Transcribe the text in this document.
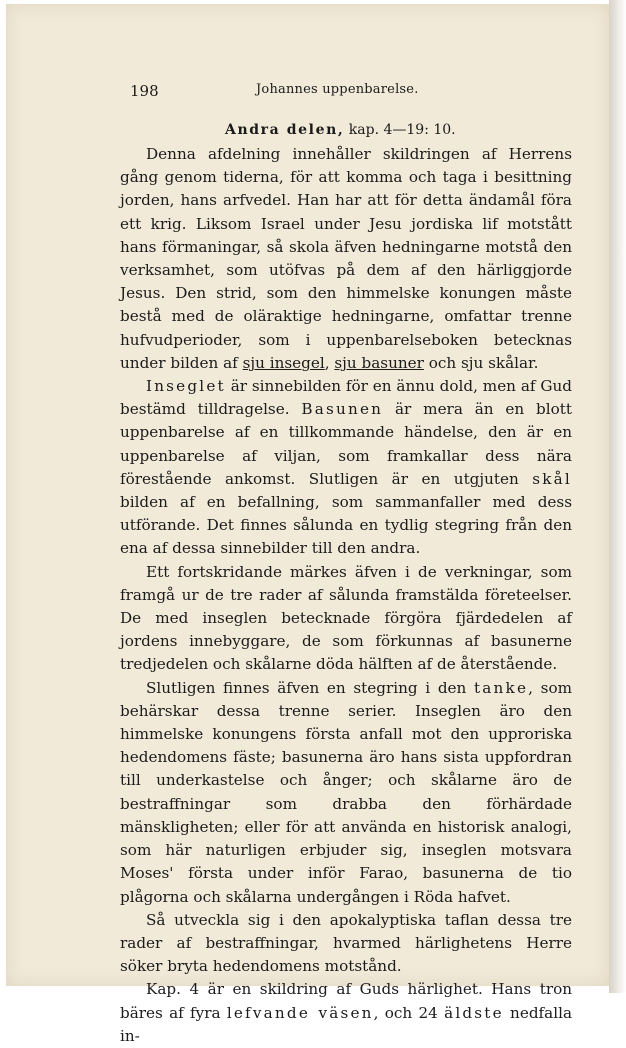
198	Johannes uppenbarelse.
Andra delen, kap. 4—19: 10.

Denna afdelning innehåller skildringen af Herrens gång genom tiderna, för att komma och taga i besittning jorden, hans arfvedel. Han har att för detta ändamål föra ett krig. Liksom Israel under Jesu jordiska lif motstått hans förmaningar, så skola äfven hedningarne motstå den verksamhet, som utöfvas på dem af den härliggjorde Jesus. Den strid, som den himmelske konungen måste bestå med de oläraktige hedningarne, omfattar trenne hufvudperioder, som i uppenbarelseboken betecknas under bilden af sju insegel, sju basuner och sju skålar.

Inseglet är sinnebilden för en ännu dold, men af Gud bestämd tilldragelse. Basunen är mera än en blott uppenbarelse af en tillkommande händelse, den är en uppenbarelse af viljan, som framkallar dess nära förestående ankomst. Slutligen är en utgjuten skål bilden af en befallning, som sammanfaller med dess utförande. Det finnes sålunda en tydlig stegring från den ena af dessa sinnebilder till den andra.

Ett fortskridande märkes äfven i de verkningar, som framgå ur de tre rader af sålunda framstälda företeelser. De med inseglen betecknade förgöra fjärdedelen af jordens innebyggare, de som förkunnas af basunerne tredjedelen och skålarne döda hälften af de återstående.

Slutligen finnes äfven en stegring i den tanke, som behärskar dessa trenne serier. Inseglen äro den himmelske konungens första anfall mot den upproriska hedendomens fäste; basunerna äro hans sista uppfordran till underkastelse och ånger; och skålarne äro de bestraffningar som drabba den förhärdade mänskligheten; eller för att använda en historisk analogi, som här naturligen erbjuder sig, inseglen motsvara Moses' första under inför Farao, basunerna de tio plågorna och skålarna undergången i Röda hafvet.

Så utveckla sig i den apokalyptiska taflan dessa tre rader af bestraffningar, hvarmed härlighetens Herre söker bryta hedendomens motstånd.

Kap. 4 är en skildring af Guds härlighet. Hans tron bäres af fyra lefvande väsen, och 24 äldste nedfalla in-
